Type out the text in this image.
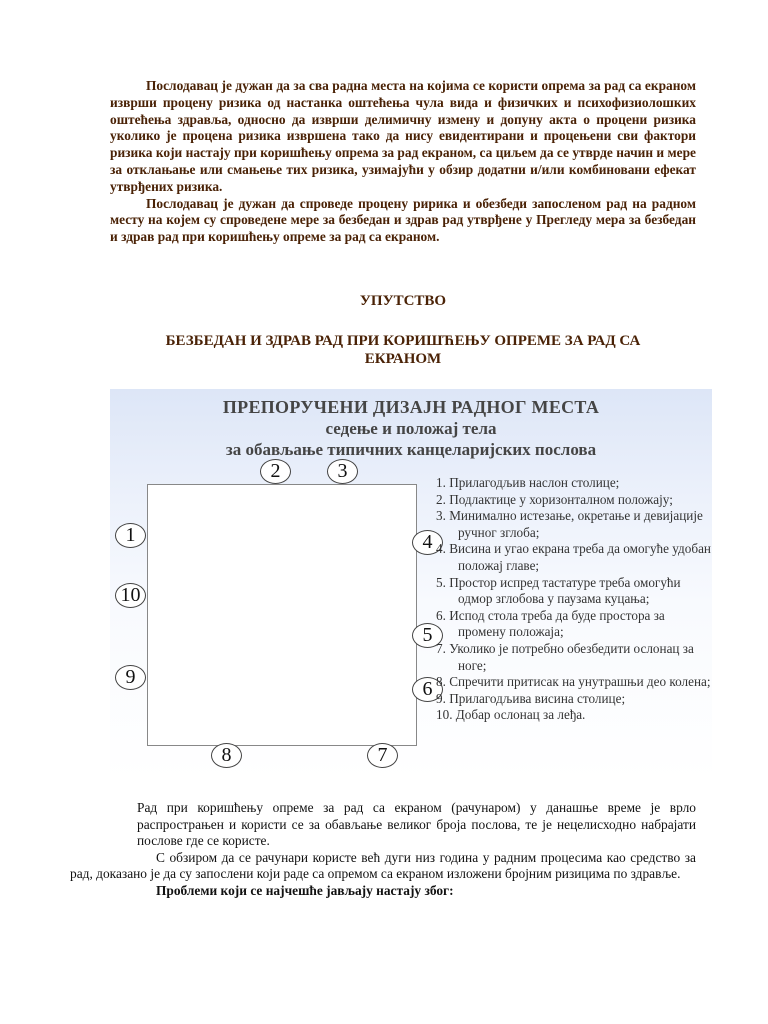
Послодавац је дужан да за сва радна места на којима се користи опрема за рад са екраном изврши процену ризика од настанка оштећења чула вида и физичких и психофизиолошких оштећења здравља, односно да изврши делимичну измену и допуну акта о процени ризика уколико је процена ризика извршена тако да нису евидентирани и процењени сви фактори ризика који настају при коришћењу опрема за рад екраном, са циљем да се утврде начин и мере за отклањање или смањење тих ризика, узимајући у обзир додатни и/или комбиновани ефекат утврђених ризика.

Послодавац је дужан да спроведе процену ририка и обезбеди запосленом рад на радном месту на којем су спроведене мере за безбедан и здрав рад утврђене у Прегледу мера за безбедан и здрав рад при коришћењу опреме за рад са екраном.

УПУТСТВО
БЕЗБЕДАН И ЗДРАВ РАД ПРИ КОРИШЋЕЊУ ОПРЕМЕ ЗА РАД СА ЕКРАНОМ
ПРЕПОРУЧЕНИ ДИЗАЈН РАДНОГ МЕСТА
седење и положај тела
за обављање типичних канцеларијских послова
2	3
1	4
10
5
9
6
8	7
1. Прилагодљив наслон столице;
2. Подлактице у хоризонталном положају;
3. Минимално истезање, окретање и девијације ручног зглоба;
4. Висина и угао екрана треба да омогуће удобан положај главе;
5. Простор испред тастатуре треба омогући одмор зглобова у паузама куцања;
6. Испод стола треба да буде простора за промену положаја;
7. Уколико је потребно обезбедити ослонац за ноге;
8. Спречити притисак на унутрашњи део колена;
9. Прилагодљива висина столице;
10. Добар ослонац за леђа.

Рад при коришћењу опреме за рад са екраном (рачунаром) у данашње време је врло распрострањен и користи се за обављање великог броја послова, те је нецелисходно набрајати послове где се користе.

С обзиром да се рачунари користе већ дуги низ година у радним процесима као средство за рад, доказано је да су запослени који раде са опремом са екраном изложени бројним ризицима по здравље.

Проблеми који се најчешће јављају настају због:
